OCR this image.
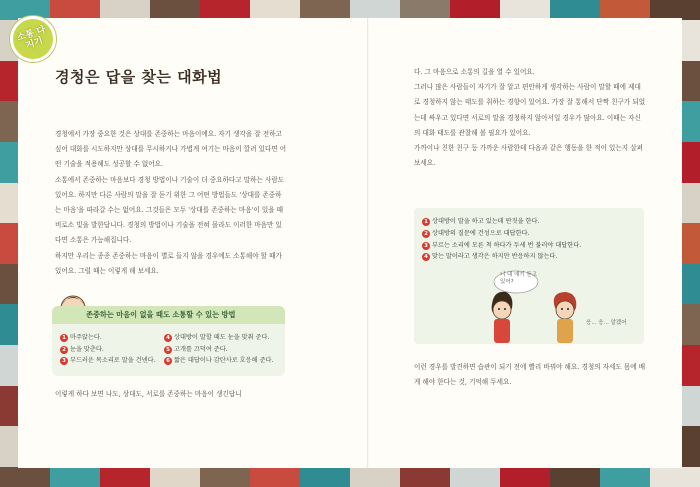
소통 다지기
경청은 답을 찾는 대화법

경청에서 가장 중요한 것은 상대를 존중하는 마음이에요. 자기 생각을 잘 전하고 싶어 대화를 시도하지만 상대를 무시하거나 가볍게 여기는 마음이 깔려 있다면 어떤 기술을 적용해도 성공할 수 없어요.

소통에서 존중하는 마음보다 경청 방법이나 기술이 더 중요하다고 말하는 사람도 있어요. 하지만 다른 사람의 말을 잘 듣기 위한 그 어떤 방법들도 '상대를 존중하는 마음'을 따라갈 수는 없어요. 그것들은 모두 '상대를 존중하는 마음'이 있을 때 비로소 빛을 발한답니다. 경청의 방법이나 기술을 전혀 몰라도 이러한 마음만 있다면 소통은 가능해집니다.

하지만 우리는 종종 존중하는 마음이 별로 들지 않을 경우에도 소통해야 할 때가 있어요. 그럴 때는 이렇게 해 보세요.

존중하는 마음이 없을 때도 소통할 수 있는 방법
1 마주앉는다.
2 눈을 맞춘다.
3 부드러운 목소리로 말을 건넨다.
4 상대방이 말할 때도 눈을 맞춰 준다.
5 고개를 끄덕여 준다.
6 짧은 대답이나 감탄사로 호응해 준다.
이렇게 하다 보면 나도, 상대도, 서로를 존중하는 마음이 생긴답니

다. 그 마음으로 소통의 길을 열 수 있어요.

그러나 많은 사람들이 자기가 잘 알고 편안하게 생각하는 사람이 말할 때에 제대로 경청하지 않는 태도를 취하는 경향이 있어요. 가장 잘 통해서 단짝 친구가 되었는데 싸우고 있다면 서로의 말을 경청하지 않아서일 경우가 많아요. 이때는 자신의 대화 태도를 관찰해 볼 필요가 있어요.

가까이나 친한 친구 등 가까운 사람한테 다음과 같은 행동을 한 적이 있는지 살펴보세요.

1 상대방이 말을 하고 있는데 딴짓을 한다.
2 상대방의 질문에 건성으로 대답한다.
3 부르는 소리에 모른 척 하다가 두세 번 불러야 대답한다.
4 맞는 말이라고 생각은 하지만 반응하지 않는다.
너 내 얘기 듣고 있어?
응... 응... 알겠어
이런 경우를 발견하면 습관이 되기 전에 빨리 바꿔야 해요. 경청의 자세도 몸에 배게 해야 한다는 것, 기억해 두세요.
